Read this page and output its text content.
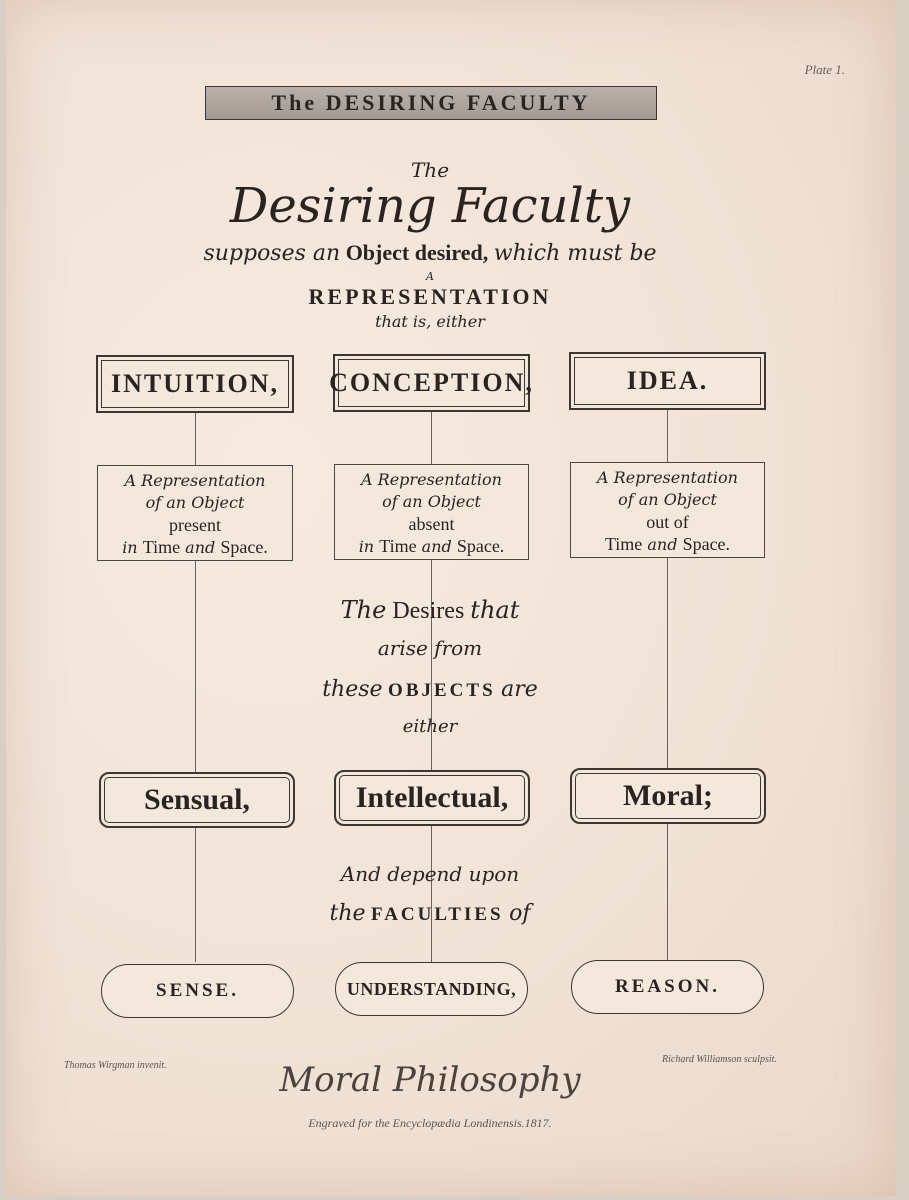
Plate 1.
The DESIRING FACULTY
The
Desiring Faculty
supposes an Object desired, which must be
A
REPRESENTATION
that is, either
INTUITION, CONCEPTION,	IDEA.
A Representation
of an Object
present
in Time and Space.
A Representation
of an Object
absent
in Time and Space.
A Representation
of an Object
out of
Time and Space.
The Desires that
arise from
these OBJECTS are
either
Sensual,	Intellectual,	Moral;
And depend upon
the FACULTIES of
SENSE.	UNDERSTANDING,	REASON.
Thomas Wirgman invenit.
Richard Williamson sculpsit.
Moral Philosophy
Engraved for the Encyclopædia Londinensis.1817.
